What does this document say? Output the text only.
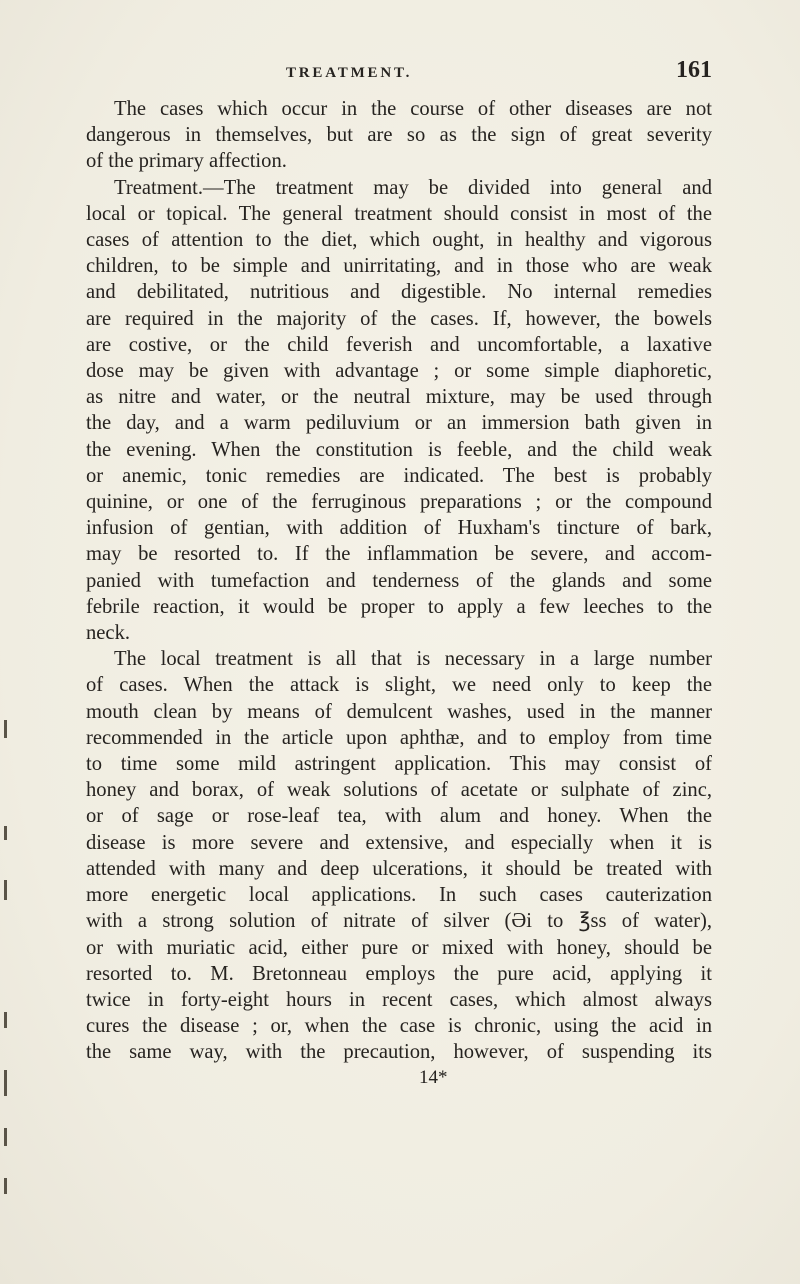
TREATMENT.	161
The cases which occur in the course of other diseases are not
dangerous in themselves, but are so as the sign of great severity
of the primary affection.
Treatment.—The treatment may be divided into general and
local or topical. The general treatment should consist in most of the
cases of attention to the diet, which ought, in healthy and vigorous
children, to be simple and unirritating, and in those who are weak
and debilitated, nutritious and digestible. No internal remedies
are required in the majority of the cases. If, however, the bowels
are costive, or the child feverish and uncomfortable, a laxative
dose may be given with advantage ; or some simple diaphoretic,
as nitre and water, or the neutral mixture, may be used through
the day, and a warm pediluvium or an immersion bath given in
the evening. When the constitution is feeble, and the child weak
or anemic, tonic remedies are indicated. The best is probably
quinine, or one of the ferruginous preparations ; or the compound
infusion of gentian, with addition of Huxham's tincture of bark,
may be resorted to. If the inflammation be severe, and accom-
panied with tumefaction and tenderness of the glands and some
febrile reaction, it would be proper to apply a few leeches to the
neck.
The local treatment is all that is necessary in a large number
of cases. When the attack is slight, we need only to keep the
mouth clean by means of demulcent washes, used in the manner
recommended in the article upon aphthæ, and to employ from time
to time some mild astringent application. This may consist of
honey and borax, of weak solutions of acetate or sulphate of zinc,
or of sage or rose-leaf tea, with alum and honey. When the
disease is more severe and extensive, and especially when it is
attended with many and deep ulcerations, it should be treated with
more energetic local applications. In such cases cauterization
with a strong solution of nitrate of silver (Əi to ℥ss of water),
or with muriatic acid, either pure or mixed with honey, should be
resorted to. M. Bretonneau employs the pure acid, applying it
twice in forty-eight hours in recent cases, which almost always
cures the disease ; or, when the case is chronic, using the acid in
the same way, with the precaution, however, of suspending its
14*
